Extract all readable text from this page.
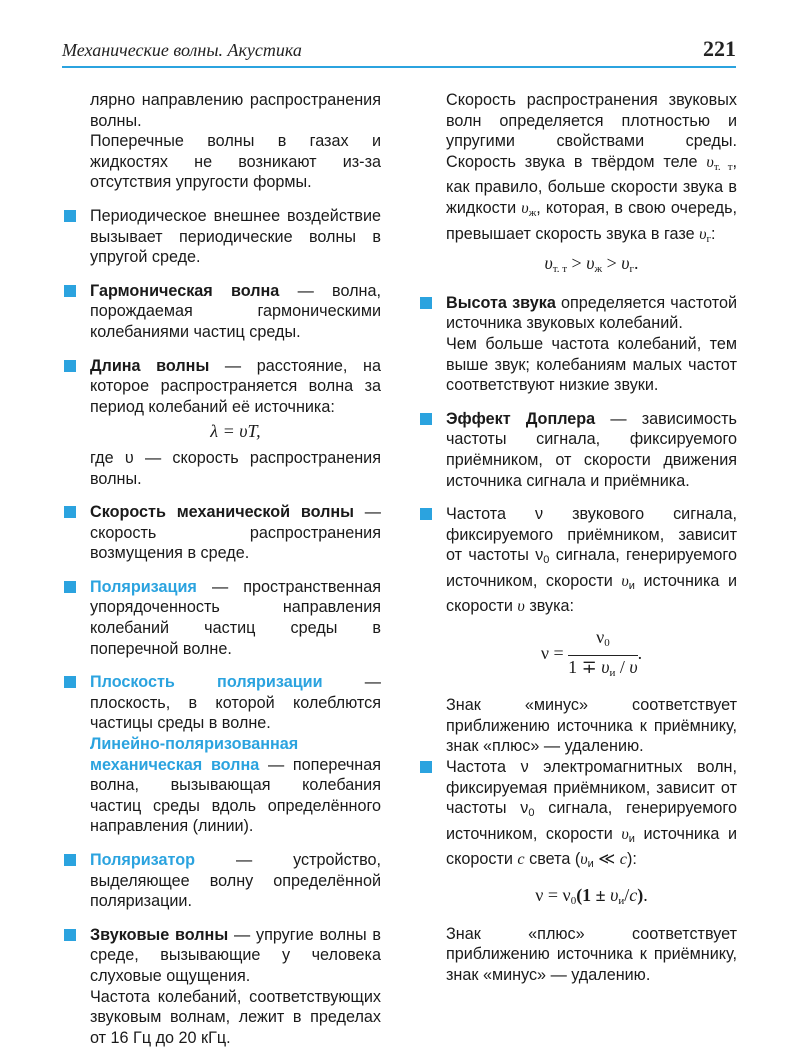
Механические волны. Акустика	221

лярно направлению распространения волны.

Поперечные волны в газах и жидкостях не возникают из-за отсутствия упругости формы.

Периодическое внешнее воздействие вызывает периодические волны в упругой среде.
Гармоническая волна — волна, порождаемая гармоническими колебаниями частиц среды.
Длина волны — расстояние, на которое распространяется волна за период колебаний её источника:
λ = υT,
где υ — скорость распространения волны.
Скорость механической волны — скорость распространения возмущения в среде.
Поляризация — пространственная упорядоченность направления колебаний частиц среды в поперечной волне.
Плоскость поляризации — плоскость, в которой колеблются частицы среды в волне.
Линейно-поляризованная механическая волна — поперечная волна, вызывающая колебания частиц среды вдоль определённого направления (линии).
Поляризатор — устройство, выделяющее волну определённой поляризации.
Звуковые волны — упругие волны в среде, вызывающие у человека слуховые ощущения.
Частота колебаний, соответствующих звуковым волнам, лежит в пределах от 16 Гц до 20 кГц.
Скорость распространения звуковых волн определяется плотностью и упругими свойствами среды. Скорость звука в твёрдом теле $\upsilon_{т. т}$, как правило, больше скорости звука в жидкости $\upsilon_ж$, которая, в свою очередь, превышает скорость звука в газе $\upsilon_г$:
$\upsilon_{т. т} > \upsilon_ж > \upsilon_г$.
Высота звука определяется частотой источника звуковых колебаний.
Чем больше частота колебаний, тем выше звук; колебаниям малых частот соответствуют низкие звуки.
Эффект Доплера — зависимость частоты сигнала, фиксируемого приёмником, от скорости движения источника сигнала и приёмника.
Частота ν звукового сигнала, фиксируемого приёмником, зависит от частоты $\nu_0$ сигнала, генерируемого источником, скорости $\upsilon_и$ источника и скорости υ звука:
$\nu = \frac{\nu_0}{1 \mp \upsilon_и / \upsilon}$ .
Знак «минус» соответствует приближению источника к приёмнику, знак «плюс» — удалению.
Частота ν электромагнитных волн, фиксируемая приёмником, зависит от частоты $\nu_0$ сигнала, генерируемого источником, скорости $\upsilon_и$ источника и скорости c света ($\upsilon_и$ ≪ c):
$\nu = \nu_0(1 \pm \upsilon_и/c)$.
Знак «плюс» соответствует приближению источника к приёмнику, знак «минус» — удалению.
